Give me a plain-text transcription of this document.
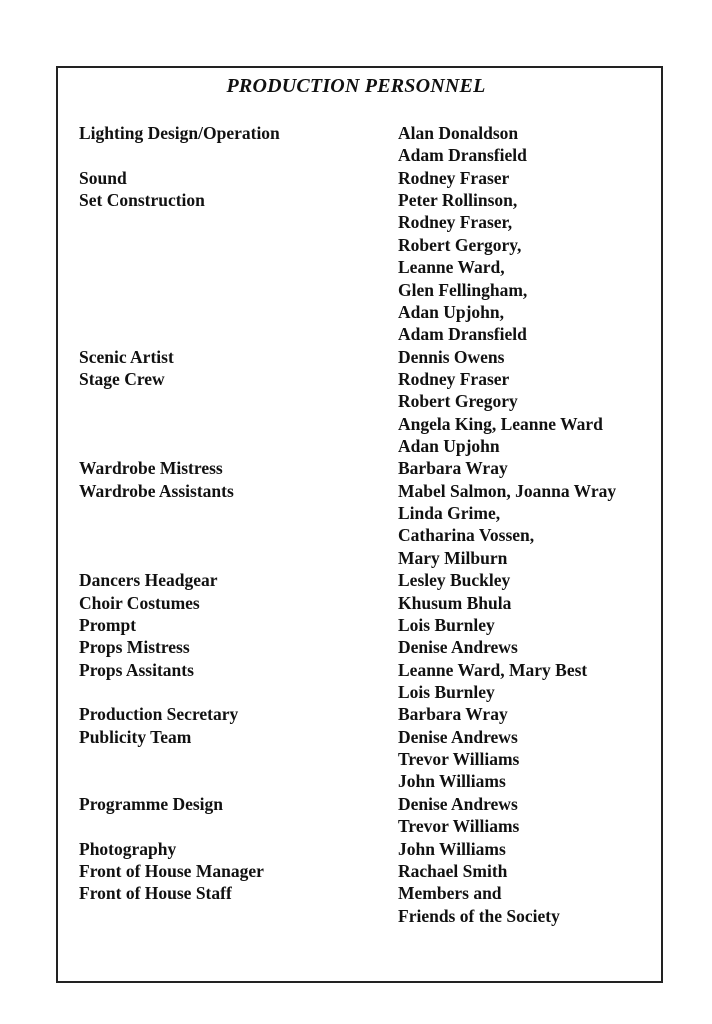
PRODUCTION PERSONNEL
Lighting Design/Operation	Alan Donaldson
Adam Dransfield
Sound	Rodney Fraser
Set Construction	Peter Rollinson,
Rodney Fraser,
Robert Gergory,
Leanne Ward,
Glen Fellingham,
Adan Upjohn,
Adam Dransfield
Scenic Artist	Dennis Owens
Stage Crew	Rodney Fraser
Robert Gregory
Angela King, Leanne Ward
Adan Upjohn
Wardrobe Mistress	Barbara Wray
Wardrobe Assistants	Mabel Salmon, Joanna Wray
Linda Grime,
Catharina Vossen,
Mary Milburn
Dancers Headgear	Lesley Buckley
Choir Costumes	Khusum Bhula
Prompt	Lois Burnley
Props Mistress	Denise Andrews
Props Assitants	Leanne Ward, Mary Best
Lois Burnley
Production Secretary	Barbara Wray
Publicity Team	Denise Andrews
Trevor Williams
John Williams
Programme Design	Denise Andrews
Trevor Williams
Photography	John Williams
Front of House Manager	Rachael Smith
Front of House Staff	Members and
Friends of the Society
